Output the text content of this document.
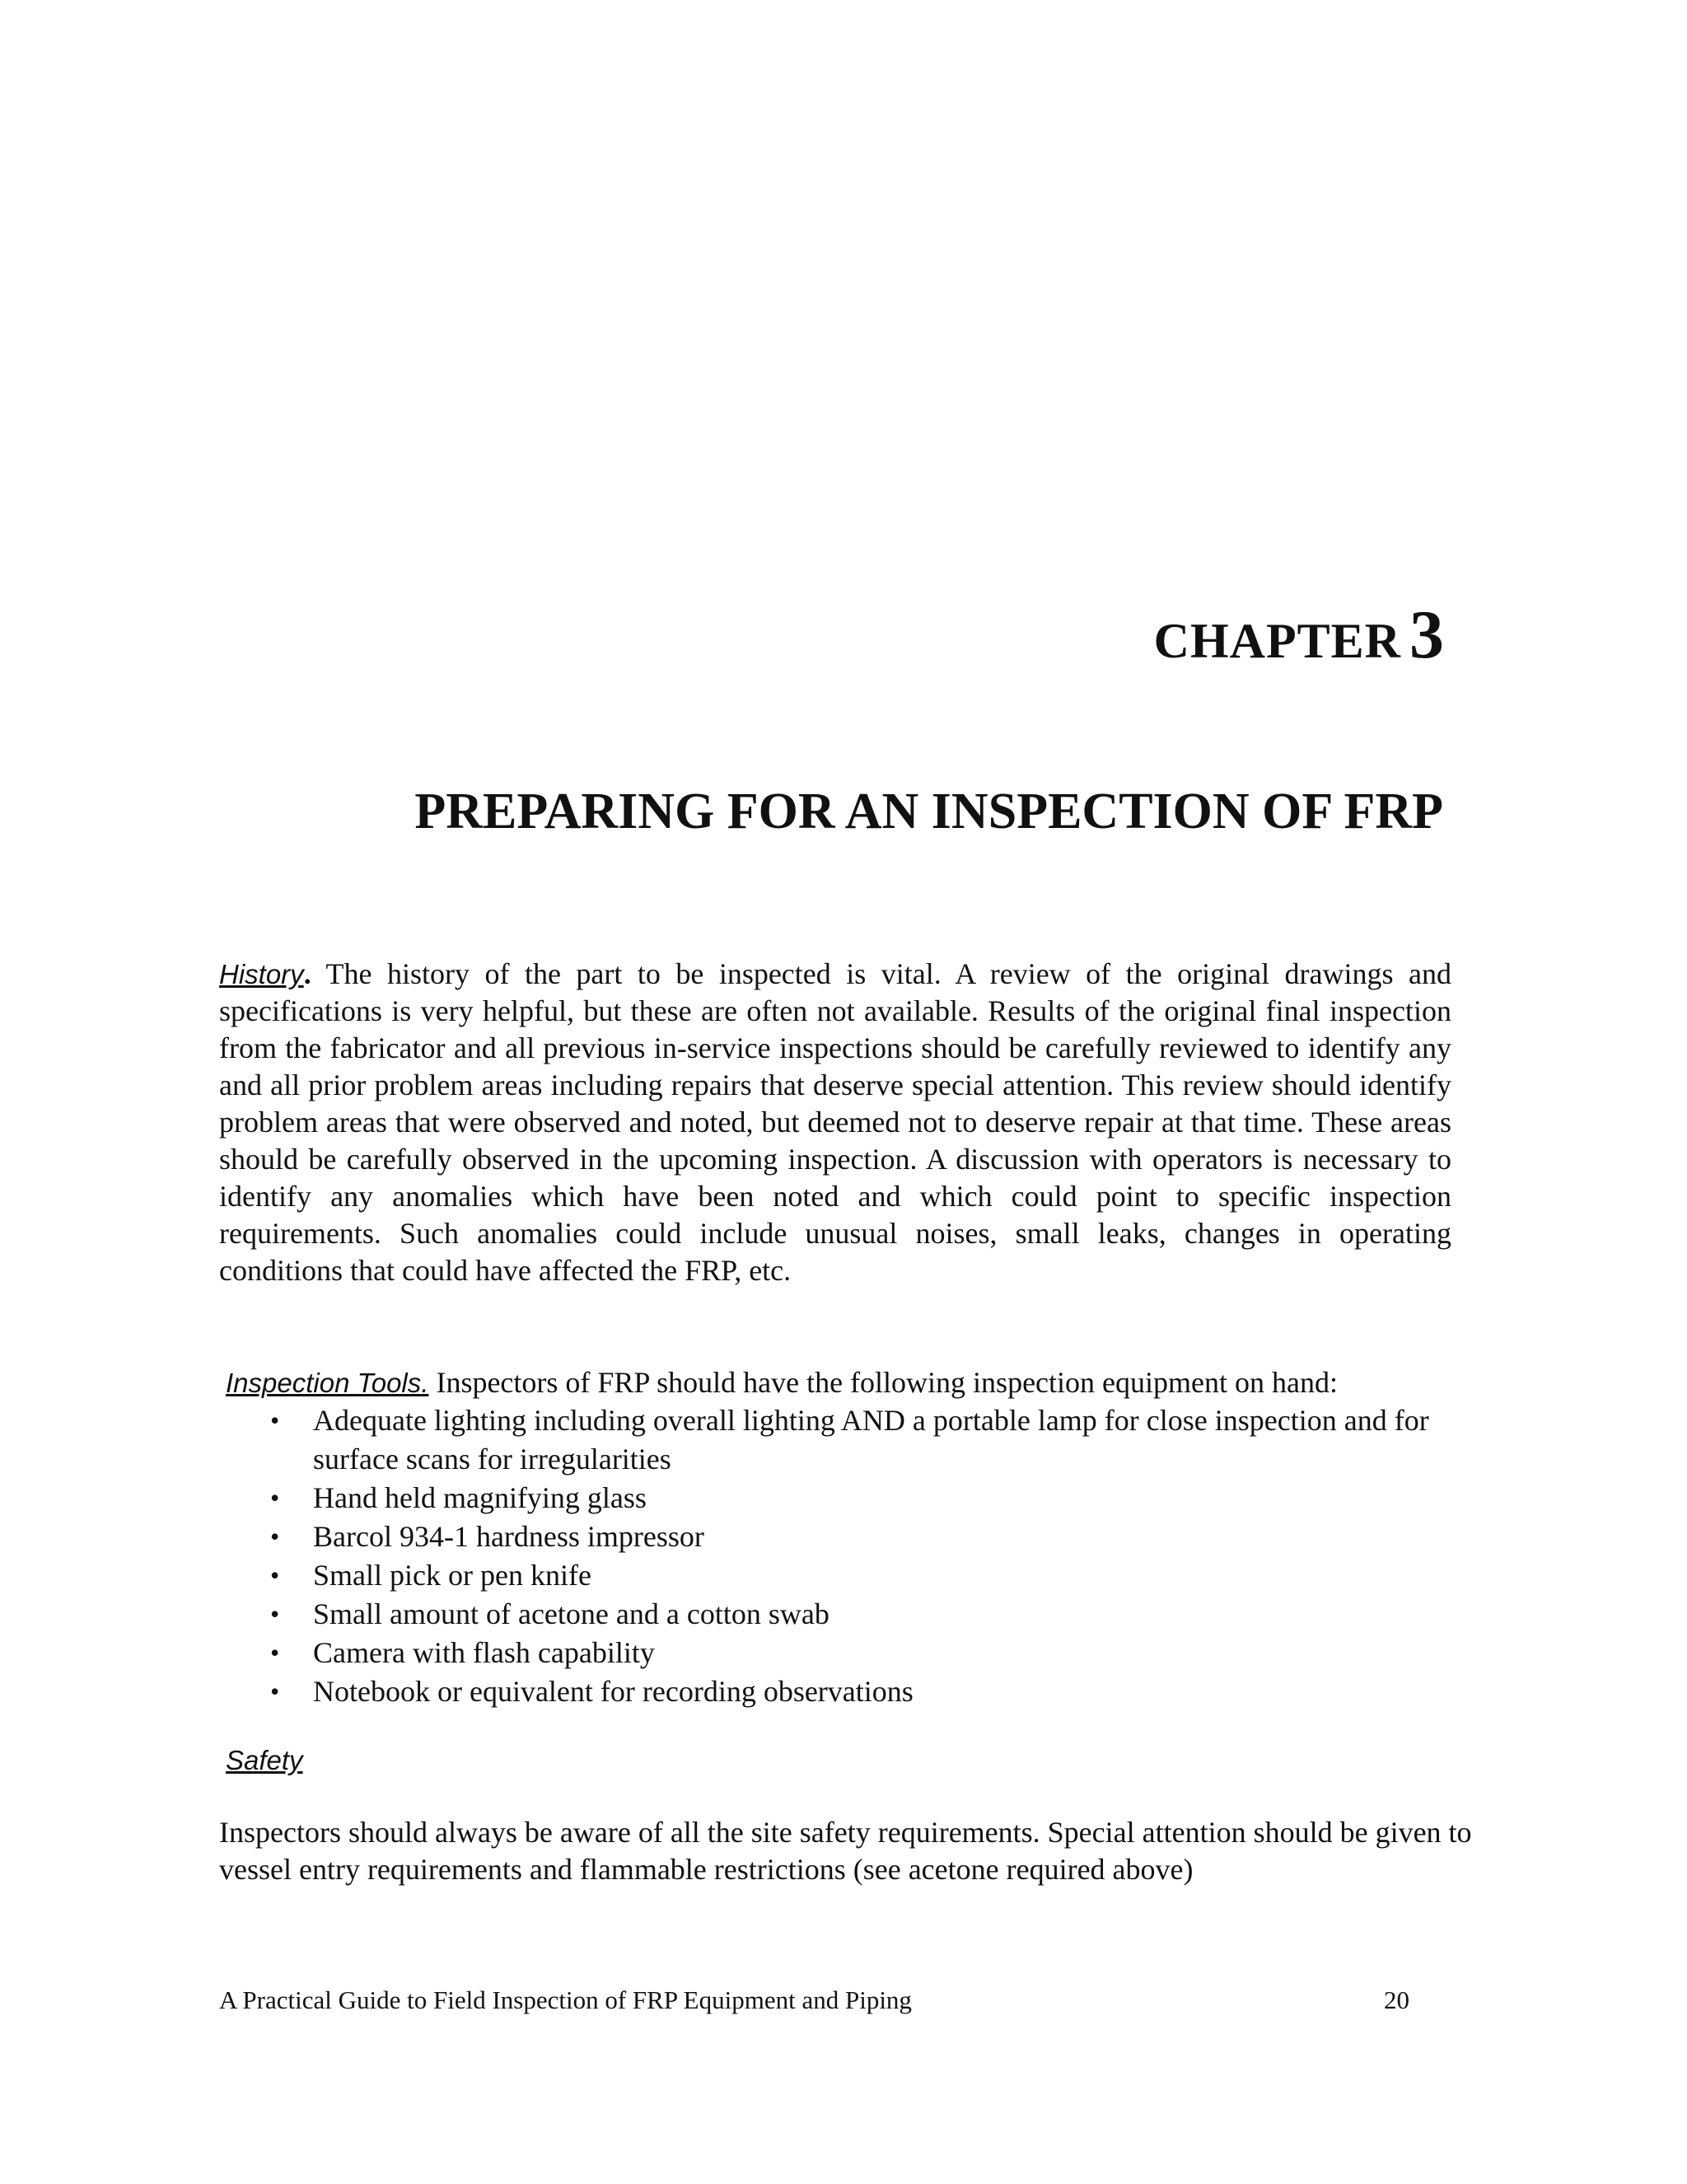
CHAPTER 3
PREPARING FOR AN INSPECTION OF FRP
History. The history of the part to be inspected is vital. A review of the original drawings and specifications is very helpful, but these are often not available. Results of the original final inspection from the fabricator and all previous in-service inspections should be carefully reviewed to identify any and all prior problem areas including repairs that deserve special attention. This review should identify problem areas that were observed and noted, but deemed not to deserve repair at that time. These areas should be carefully observed in the upcoming inspection. A discussion with operators is necessary to identify any anomalies which have been noted and which could point to specific inspection requirements. Such anomalies could include unusual noises, small leaks, changes in operating conditions that could have affected the FRP, etc.
Inspection Tools. Inspectors of FRP should have the following inspection equipment on hand:
• Adequate lighting including overall lighting AND a portable lamp for close inspection and for surface scans for irregularities
• Hand held magnifying glass
• Barcol 934-1 hardness impressor
• Small pick or pen knife
• Small amount of acetone and a cotton swab
• Camera with flash capability
• Notebook or equivalent for recording observations
Safety
Inspectors should always be aware of all the site safety requirements. Special attention should be given to vessel entry requirements and flammable restrictions (see acetone required above)
A Practical Guide to Field Inspection of FRP Equipment and Piping	20
